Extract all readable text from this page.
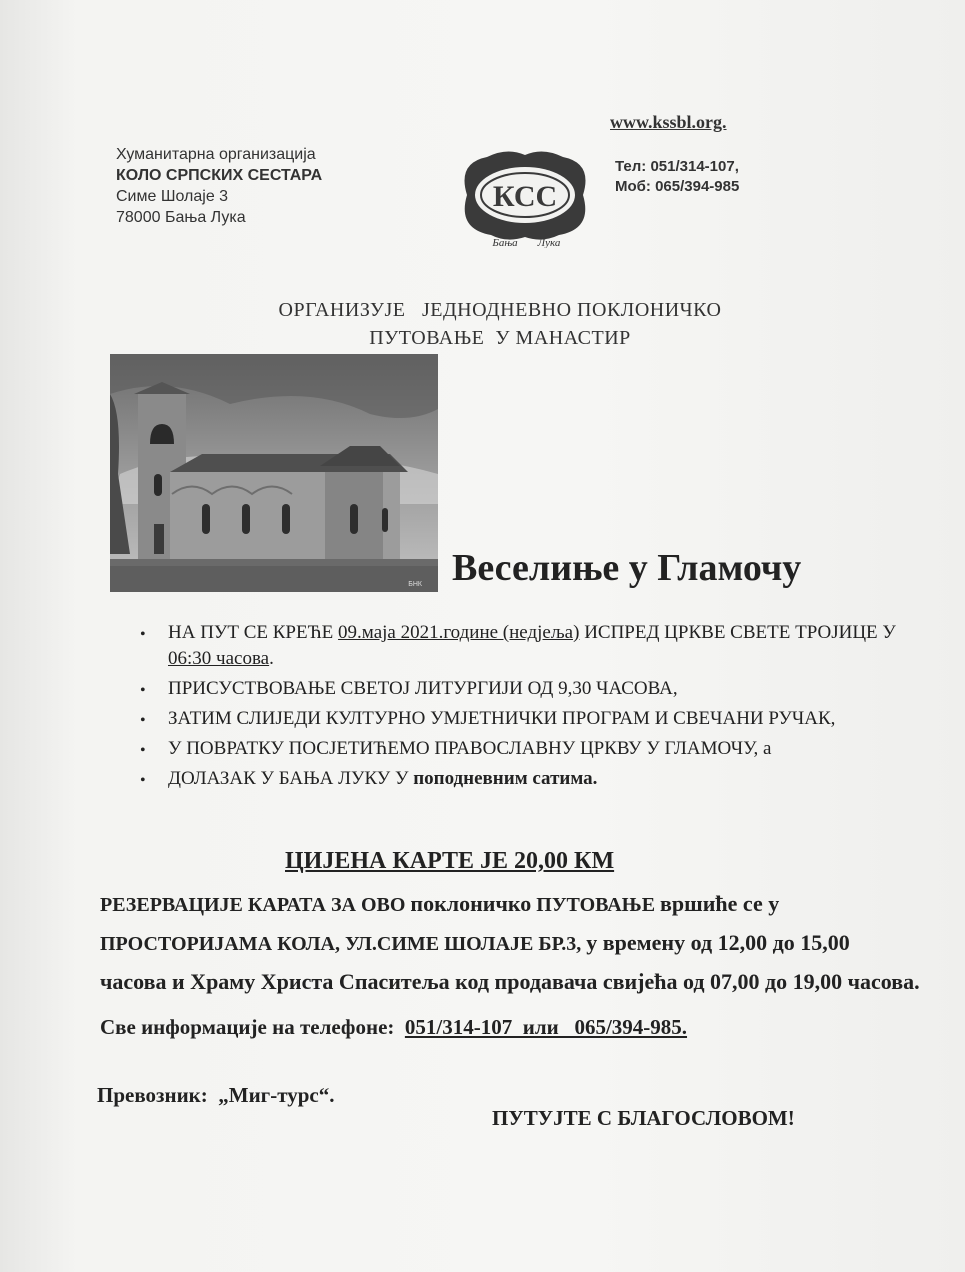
Хуманитарна организација
КОЛО СРПСКИХ СЕСТАРА
Симе Шолаје 3
78000 Бања Лука
www.kssbl.org.
Тел: 051/314-107,
Моб: 065/394-985
КСС
Бања Лука
ОРГАНИЗУЈЕ   ЈЕДНОДНЕВНО ПОКЛОНИЧКО
ПУТОВАЊЕ  У МАНАСТИР
БНК Веселиње у Гламочу
• НА ПУТ СЕ КРЕЋЕ 09.маја 2021.године (недјеља) ИСПРЕД ЦРКВЕ СВЕТЕ ТРОЈИЦЕ У 06:30 часова.
• ПРИСУСТВОВАЊЕ СВЕТОЈ ЛИТУРГИЈИ ОД 9,30 ЧАСОВА,
• ЗАТИМ СЛИЈЕДИ КУЛТУРНО УМЈЕТНИЧКИ ПРОГРАМ И СВЕЧАНИ РУЧАК,
• У ПОВРАТКУ ПОСЈЕТИЋЕМО ПРАВОСЛАВНУ ЦРКВУ У ГЛАМОЧУ, а
• ДОЛАЗАК У БАЊА ЛУКУ У поподневним сатима.
ЦИЈЕНА КАРТЕ ЈЕ 20,00 КМ
РЕЗЕРВАЦИЈЕ КАРАТА ЗА ОВО поклоничко ПУТОВАЊЕ вршиће се у ПРОСТОРИЈАМА КОЛА, УЛ.СИМЕ ШОЛАЈЕ БР.3, у времену од 12,00 до 15,00 часова и Храму Христа Спаситеља код продавача свијећа од 07,00 до 19,00 часова.
Све информације на телефоне:  051/314-107  или   065/394-985.
Превозник:  „Миг-турс“.
ПУТУЈТЕ С БЛАГОСЛОВОМ!
